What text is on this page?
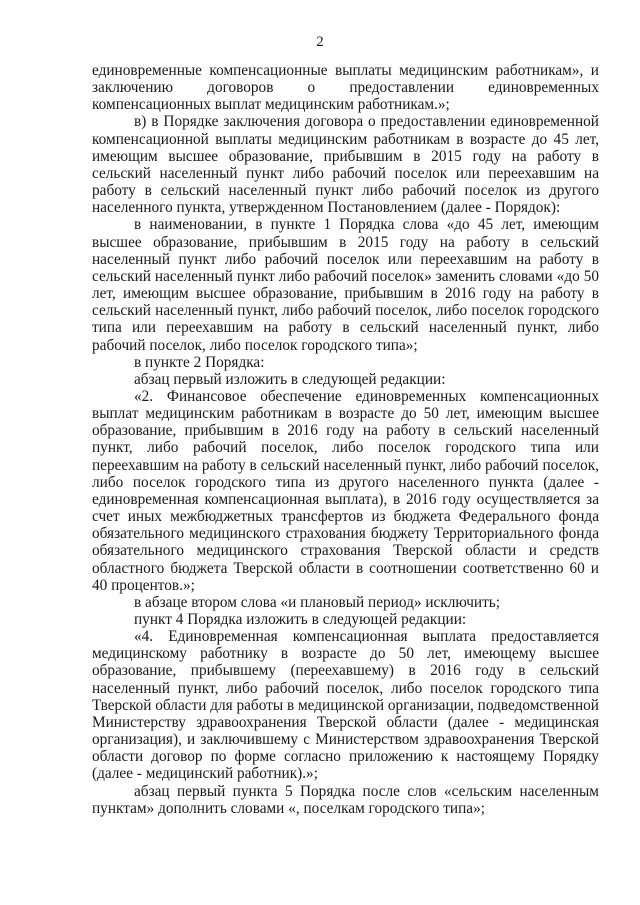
2

единовременные компенсационные выплаты медицинским работникам», и заключению договоров о предоставлении единовременных компенсационных выплат медицинским работникам.»;

в) в Порядке заключения договора о предоставлении единовременной компенсационной выплаты медицинским работникам в возрасте до 45 лет, имеющим высшее образование, прибывшим в 2015 году на работу в сельский населенный пункт либо рабочий поселок или переехавшим на работу в сельский населенный пункт либо рабочий поселок из другого населенного пункта, утвержденном Постановлением (далее - Порядок):

в наименовании, в пункте 1 Порядка слова «до 45 лет, имеющим высшее образование, прибывшим в 2015 году на работу в сельский населенный пункт либо рабочий поселок или переехавшим на работу в сельский населенный пункт либо рабочий поселок» заменить словами «до 50 лет, имеющим высшее образование, прибывшим в 2016 году на работу в сельский населенный пункт, либо рабочий поселок, либо поселок городского типа или переехавшим на работу в сельский населенный пункт, либо рабочий поселок, либо поселок городского типа»;

в пункте 2 Порядка:

абзац первый изложить в следующей редакции:

«2. Финансовое обеспечение единовременных компенсационных выплат медицинским работникам в возрасте до 50 лет, имеющим высшее образование, прибывшим в 2016 году на работу в сельский населенный пункт, либо рабочий поселок, либо поселок городского типа или переехавшим на работу в сельский населенный пункт, либо рабочий поселок, либо поселок городского типа из другого населенного пункта (далее - единовременная компенсационная выплата), в 2016 году осуществляется за счет иных межбюджетных трансфертов из бюджета Федерального фонда обязательного медицинского страхования бюджету Территориального фонда обязательного медицинского страхования Тверской области и средств областного бюджета Тверской области в соотношении соответственно 60 и 40 процентов.»;

в абзаце втором слова «и плановый период» исключить;

пункт 4 Порядка изложить в следующей редакции:

«4. Единовременная компенсационная выплата предоставляется медицинскому работнику в возрасте до 50 лет, имеющему высшее образование, прибывшему (переехавшему) в 2016 году в сельский населенный пункт, либо рабочий поселок, либо поселок городского типа Тверской области для работы в медицинской организации, подведомственной Министерству здравоохранения Тверской области (далее - медицинская организация), и заключившему с Министерством здравоохранения Тверской области договор по форме согласно приложению к настоящему Порядку (далее - медицинский работник).»;

абзац первый пункта 5 Порядка после слов «сельским населенным пунктам» дополнить словами «, поселкам городского типа»;
